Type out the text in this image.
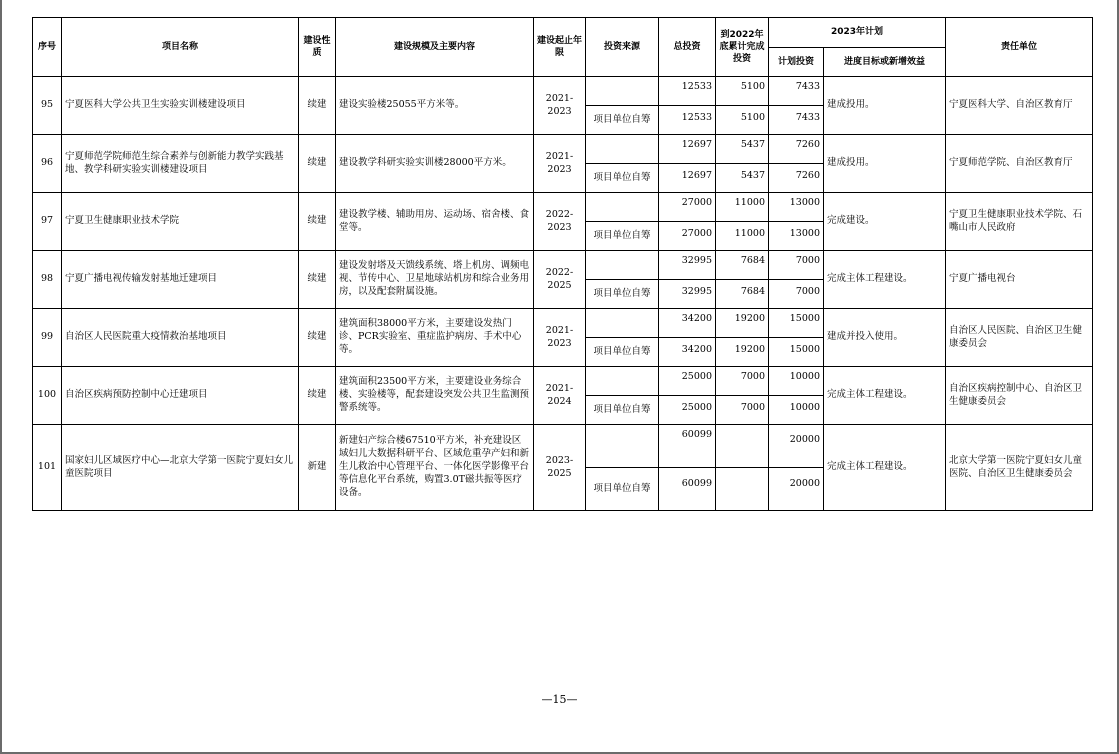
序号	项目名称	建设性质	建设规模及主要内容	建设起止年限	投资来源	总投资	到2022年底累计完成投资	2023年计划		责任单位
								计划投资	进度目标或新增效益	
95	宁夏医科大学公共卫生实验实训楼建设项目	续建	建设实验楼25055平方米等。	2021-2023		12533	5100	7433	建成投用。	宁夏医科大学、自治区教育厅
					项目单位自筹	12533	5100	7433		
96	宁夏师范学院师范生综合素养与创新能力教学实践基地、教学科研实验实训楼建设项目	续建	建设教学科研实验实训楼28000平方米。	2021-2023		12697	5437	7260	建成投用。	宁夏师范学院、自治区教育厅
					项目单位自筹	12697	5437	7260		
97	宁夏卫生健康职业技术学院	续建	建设教学楼、辅助用房、运动场、宿舍楼、食堂等。	2022-2023		27000	11000	13000	完成建设。	宁夏卫生健康职业技术学院、石嘴山市人民政府
					项目单位自筹	27000	11000	13000		
98	宁夏广播电视传输发射基地迁建项目	续建	建设发射塔及天馈线系统、塔上机房、调频电视、节传中心、卫星地球站机房和综合业务用房，以及配套附属设施。	2022-2025		32995	7684	7000	完成主体工程建设。	宁夏广播电视台
					项目单位自筹	32995	7684	7000		
99	自治区人民医院重大疫情救治基地项目	续建	建筑面积38000平方米，主要建设发热门诊、PCR实验室、重症监护病房、手术中心等。	2021-2023		34200	19200	15000	建成并投入使用。	自治区人民医院、自治区卫生健康委员会
					项目单位自筹	34200	19200	15000		
100	自治区疾病预防控制中心迁建项目	续建	建筑面积23500平方米，主要建设业务综合楼、实验楼等，配套建设突发公共卫生监测预警系统等。	2021-2024		25000	7000	10000	完成主体工程建设。	自治区疾病控制中心、自治区卫生健康委员会
					项目单位自筹	25000	7000	10000		
101	国家妇儿区域医疗中心—北京大学第一医院宁夏妇女儿童医院项目	新建	新建妇产综合楼67510平方米，补充建设区域妇儿大数据科研平台、区域危重孕产妇和新生儿救治中心管理平台、一体化医学影像平台等信息化平台系统，购置3.0T磁共振等医疗设备。	2023-2025		60099		20000	完成主体工程建设。	北京大学第一医院宁夏妇女儿童医院、自治区卫生健康委员会
					项目单位自筹	60099		20000		
—15—
